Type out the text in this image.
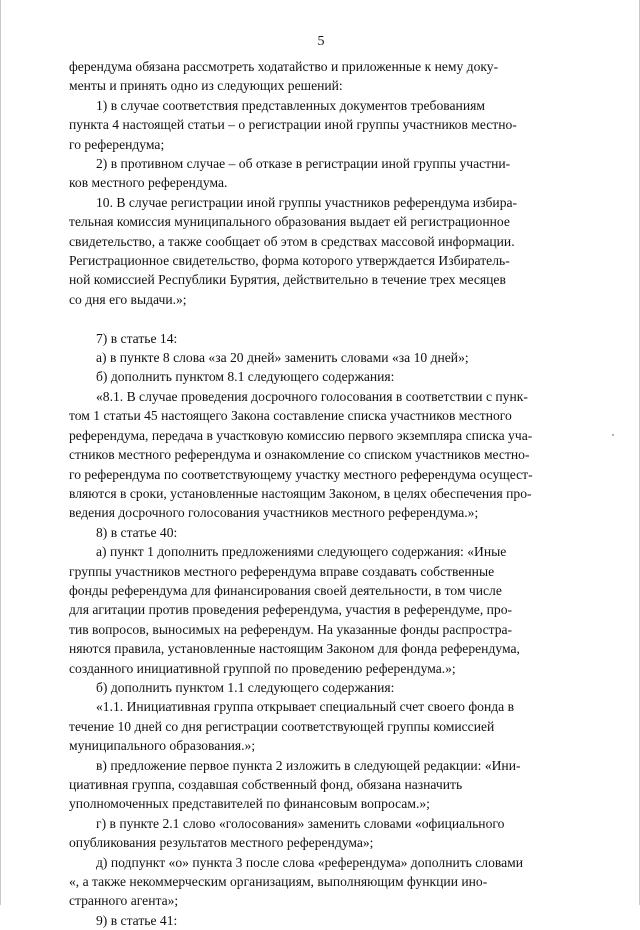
5

ферендума обязана рассмотреть ходатайство и приложенные к нему доку-

менты и принять одно из следующих решений:

1) в случае соответствия представленных документов требованиям

пункта 4 настоящей статьи – о регистрации иной группы участников местно-

го референдума;

2) в противном случае – об отказе в регистрации иной группы участни-

ков местного референдума.

10. В случае регистрации иной группы участников референдума избира-

тельная комиссия муниципального образования выдает ей регистрационное

свидетельство, а также сообщает об этом в средствах массовой информации.

Регистрационное свидетельство, форма которого утверждается Избиратель-

ной комиссией Республики Бурятия, действительно в течение трех месяцев

со дня его выдачи.»;

7) в статье 14:

а) в пункте 8 слова «за 20 дней» заменить словами «за 10 дней»;

б) дополнить пунктом 8.1 следующего содержания:

«8.1. В случае проведения досрочного голосования в соответствии с пунк-

том 1 статьи 45 настоящего Закона составление списка участников местного

референдума, передача в участковую комиссию первого экземпляра списка уча-

стников местного референдума и ознакомление со списком участников местно-

го референдума по соответствующему участку местного референдума осущест-

вляются в сроки, установленные настоящим Законом, в целях обеспечения про-

ведения досрочного голосования участников местного референдума.»;

8) в статье 40:

а) пункт 1 дополнить предложениями следующего содержания: «Иные

группы участников местного референдума вправе создавать собственные

фонды референдума для финансирования своей деятельности, в том числе

для агитации против проведения референдума, участия в референдуме, про-

тив вопросов, выносимых на референдум. На указанные фонды распростра-

няются правила, установленные настоящим Законом для фонда референдума,

созданного инициативной группой по проведению референдума.»;

б) дополнить пунктом 1.1 следующего содержания:

«1.1. Инициативная группа открывает специальный счет своего фонда в

течение 10 дней со дня регистрации соответствующей группы комиссией

муниципального образования.»;

в) предложение первое пункта 2 изложить в следующей редакции: «Ини-

циативная группа, создавшая собственный фонд, обязана назначить

уполномоченных представителей по финансовым вопросам.»;

г) в пункте 2.1 слово «голосования» заменить словами «официального

опубликования результатов местного референдума»;

д) подпункт «о» пункта 3 после слова «референдума» дополнить словами

«, а также некоммерческим организациям, выполняющим функции ино-

странного агента»;

9) в статье 41:
